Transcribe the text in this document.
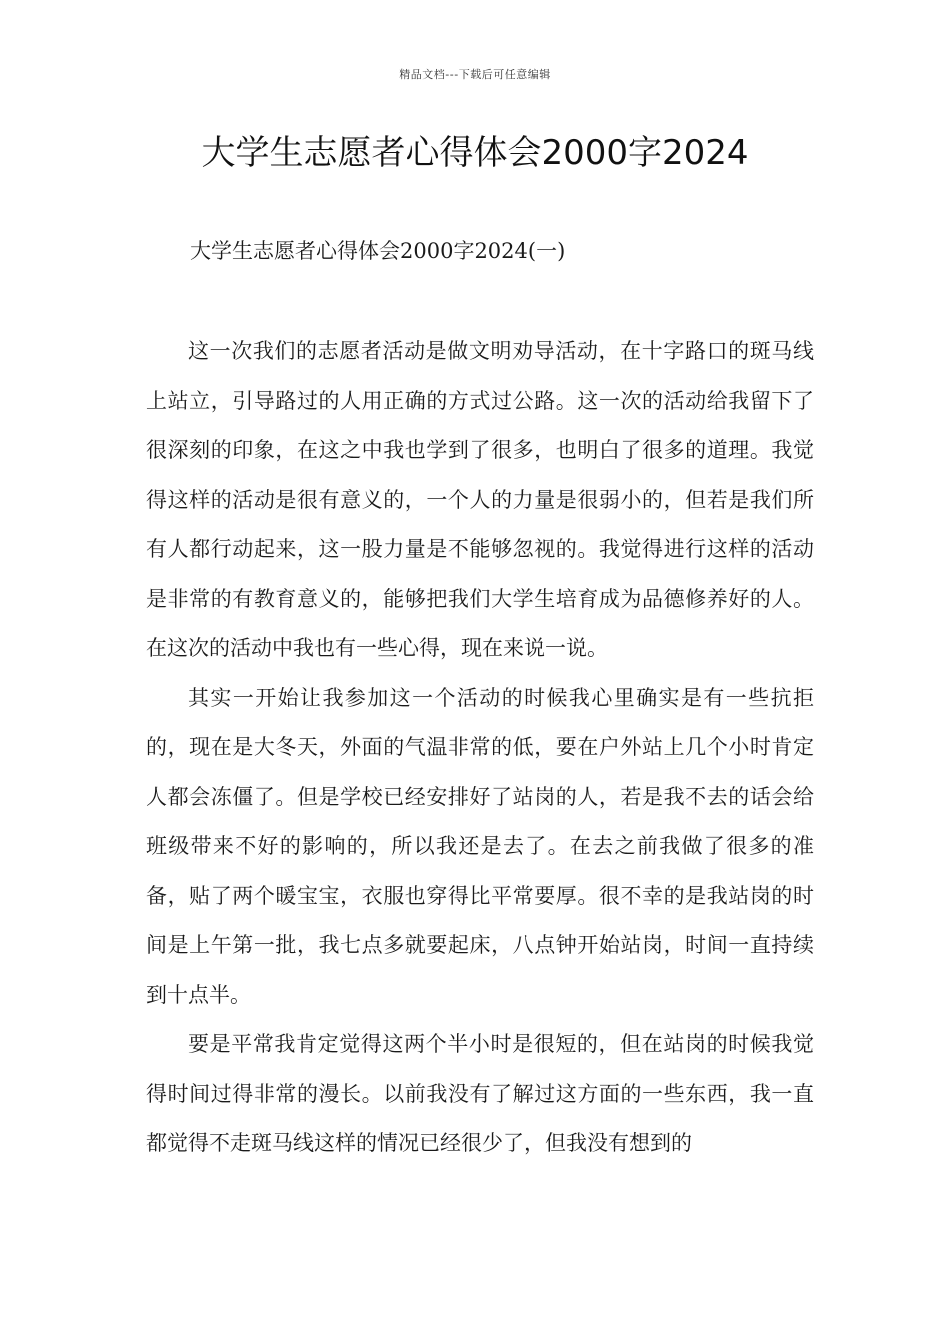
精品文档---下载后可任意编辑
大学生志愿者心得体会2000字2024

大学生志愿者心得体会2000字2024(一)

这一次我们的志愿者活动是做文明劝导活动，在十字路口的斑马线上站立，引导路过的人用正确的方式过公路。这一次的活动给我留下了很深刻的印象，在这之中我也学到了很多，也明白了很多的道理。我觉得这样的活动是很有意义的，一个人的力量是很弱小的，但若是我们所有人都行动起来，这一股力量是不能够忽视的。我觉得进行这样的活动是非常的有教育意义的，能够把我们大学生培育成为品德修养好的人。在这次的活动中我也有一些心得，现在来说一说。

其实一开始让我参加这一个活动的时候我心里确实是有一些抗拒的，现在是大冬天，外面的气温非常的低，要在户外站上几个小时肯定人都会冻僵了。但是学校已经安排好了站岗的人，若是我不去的话会给班级带来不好的影响的，所以我还是去了。在去之前我做了很多的准备，贴了两个暖宝宝，衣服也穿得比平常要厚。很不幸的是我站岗的时间是上午第一批，我七点多就要起床，八点钟开始站岗，时间一直持续到十点半。

要是平常我肯定觉得这两个半小时是很短的，但在站岗的时候我觉得时间过得非常的漫长。以前我没有了解过这方面的一些东西，我一直都觉得不走斑马线这样的情况已经很少了，但我没有想到的
